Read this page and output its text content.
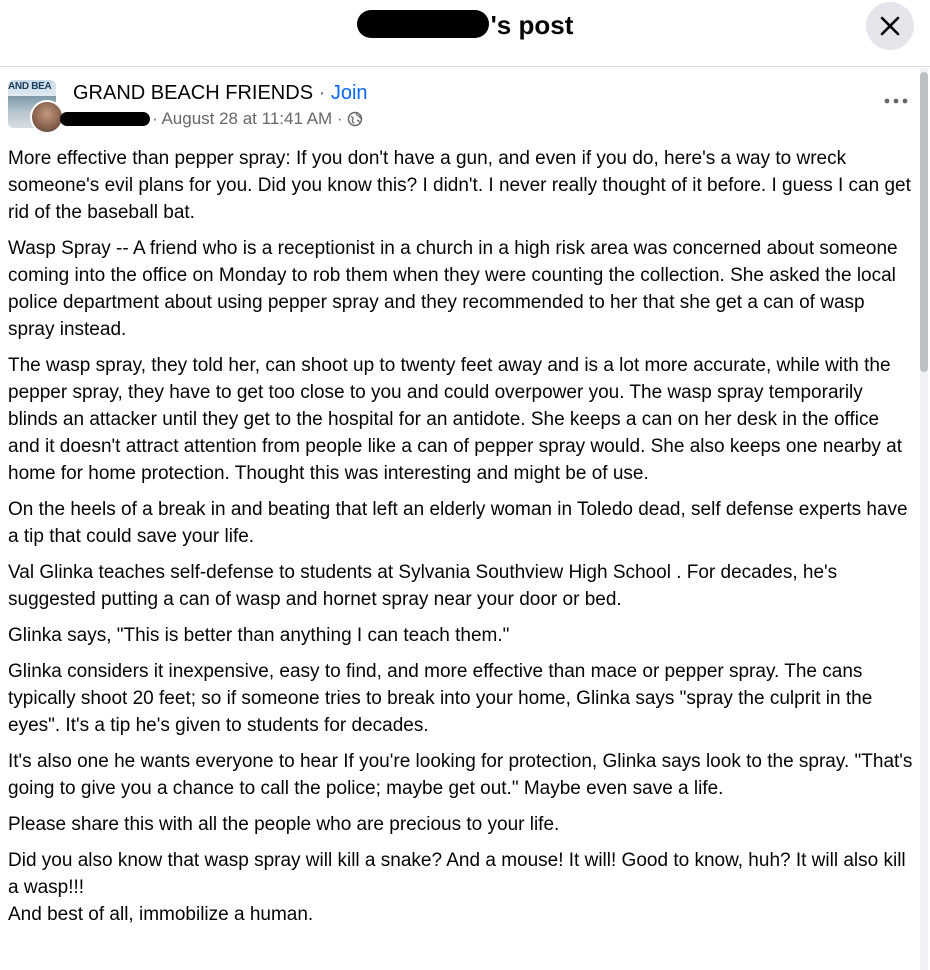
's post
AND BEA GRAND BEACH FRIENDS · Join
· August 28 at 11:41 AM ·

More effective than pepper spray: If you don't have a gun, and even if you do, here's a way to wreck someone's evil plans for you. Did you know this? I didn't. I never really thought of it before. I guess I can get rid of the baseball bat.

Wasp Spray -- A friend who is a receptionist in a church in a high risk area was concerned about someone coming into the office on Monday to rob them when they were counting the collection. She asked the local police department about using pepper spray and they recommended to her that she get a can of wasp spray instead.

The wasp spray, they told her, can shoot up to twenty feet away and is a lot more accurate, while with the pepper spray, they have to get too close to you and could overpower you. The wasp spray temporarily blinds an attacker until they get to the hospital for an antidote. She keeps a can on her desk in the office and it doesn't attract attention from people like a can of pepper spray would. She also keeps one nearby at home for home protection. Thought this was interesting and might be of use.

On the heels of a break in and beating that left an elderly woman in Toledo dead, self defense experts have a tip that could save your life.

Val Glinka teaches self-defense to students at Sylvania Southview High School . For decades, he's suggested putting a can of wasp and hornet spray near your door or bed.

Glinka says, "This is better than anything I can teach them."

Glinka considers it inexpensive, easy to find, and more effective than mace or pepper spray. The cans typically shoot 20 feet; so if someone tries to break into your home, Glinka says "spray the culprit in the eyes". It's a tip he's given to students for decades.

It's also one he wants everyone to hear If you're looking for protection, Glinka says look to the spray. "That's going to give you a chance to call the police; maybe get out." Maybe even save a life.

Please share this with all the people who are precious to your life.

Did you also know that wasp spray will kill a snake? And a mouse! It will! Good to know, huh? It will also kill a wasp!!!
And best of all, immobilize a human.
